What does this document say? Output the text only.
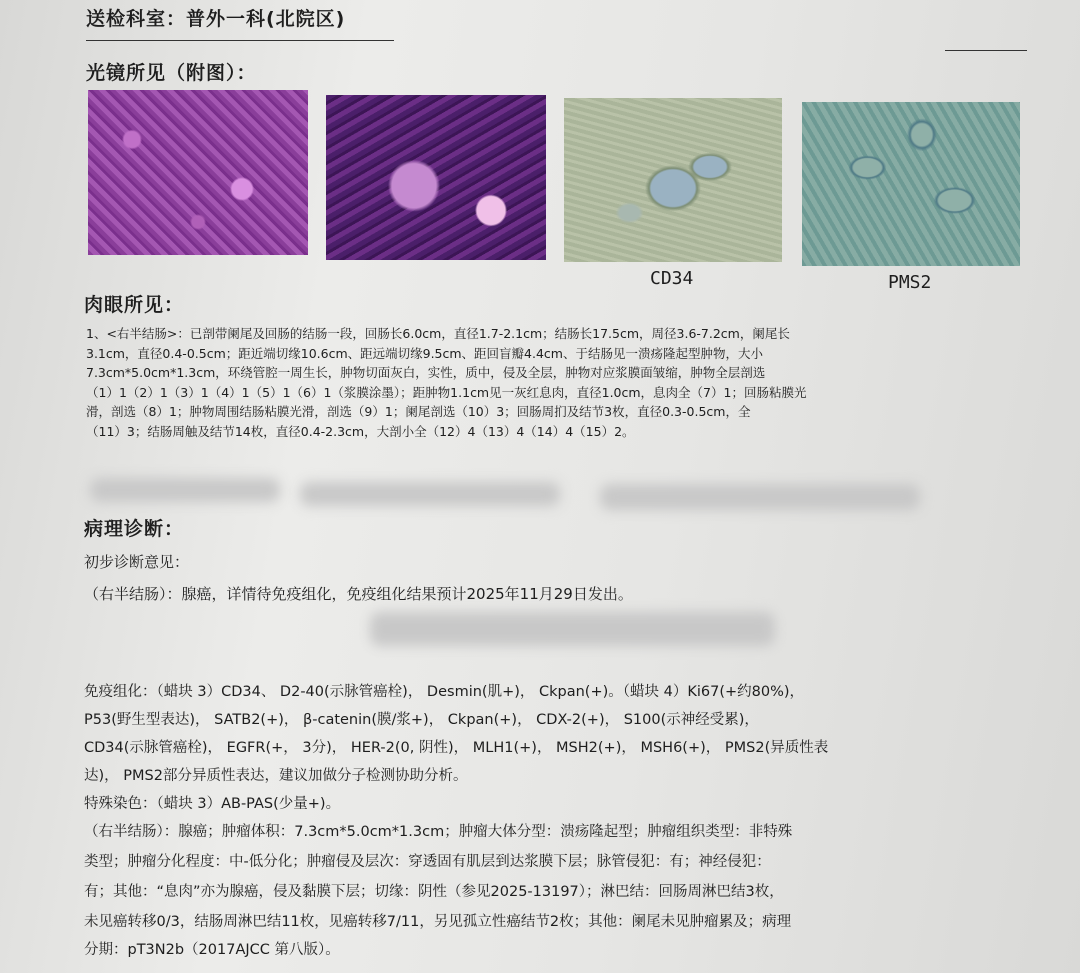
送检科室：普外一科(北院区)
光镜所见（附图）：
CD34	PMS2
肉眼所见：
1、<右半结肠>：已剖带阑尾及回肠的结肠一段，回肠长6.0cm，直径1.7-2.1cm；结肠长17.5cm，周径3.6-7.2cm，阑尾长
3.1cm，直径0.4-0.5cm；距近端切缘10.6cm、距远端切缘9.5cm、距回盲瓣4.4cm、于结肠见一溃疡隆起型肿物，大小
7.3cm*5.0cm*1.3cm，环绕管腔一周生长，肿物切面灰白，实性，质中，侵及全层，肿物对应浆膜面皱缩，肿物全层剖选
（1）1（2）1（3）1（4）1（5）1（6）1（浆膜涂墨）；距肿物1.1cm见一灰红息肉，直径1.0cm，息肉全（7）1；回肠粘膜光
滑，剖选（8）1；肿物周围结肠粘膜光滑，剖选（9）1；阑尾剖选（10）3；回肠周扪及结节3枚，直径0.3-0.5cm，全
（11）3；结肠周触及结节14枚，直径0.4-2.3cm，大剖小全（12）4（13）4（14）4（15）2。
病理诊断：
初步诊断意见：
（右半结肠）：腺癌，详情待免疫组化，免疫组化结果预计2025年11月29日发出。
免疫组化：（蜡块 3）CD34、 D2-40(示脉管癌栓)， Desmin(肌+)， Ckpan(+)。（蜡块 4）Ki67(+约80%)，
P53(野生型表达)， SATB2(+)， β-catenin(膜/浆+)， Ckpan(+)， CDX-2(+)， S100(示神经受累)，
CD34(示脉管癌栓)， EGFR(+， 3分)， HER-2(0, 阴性)， MLH1(+)， MSH2(+)， MSH6(+)， PMS2(异质性表
达)， PMS2部分异质性表达，建议加做分子检测协助分析。
特殊染色：（蜡块 3）AB-PAS(少量+)。
（右半结肠）：腺癌；肿瘤体积：7.3cm*5.0cm*1.3cm；肿瘤大体分型：溃疡隆起型；肿瘤组织类型：非特殊
类型；肿瘤分化程度：中-低分化；肿瘤侵及层次：穿透固有肌层到达浆膜下层；脉管侵犯：有；神经侵犯：
有；其他：“息肉”亦为腺癌，侵及黏膜下层；切缘：阴性（参见2025-13197）；淋巴结：回肠周淋巴结3枚，
未见癌转移0/3，结肠周淋巴结11枚，见癌转移7/11，另见孤立性癌结节2枚；其他：阑尾未见肿瘤累及；病理
分期：pT3N2b（2017AJCC 第八版）。
